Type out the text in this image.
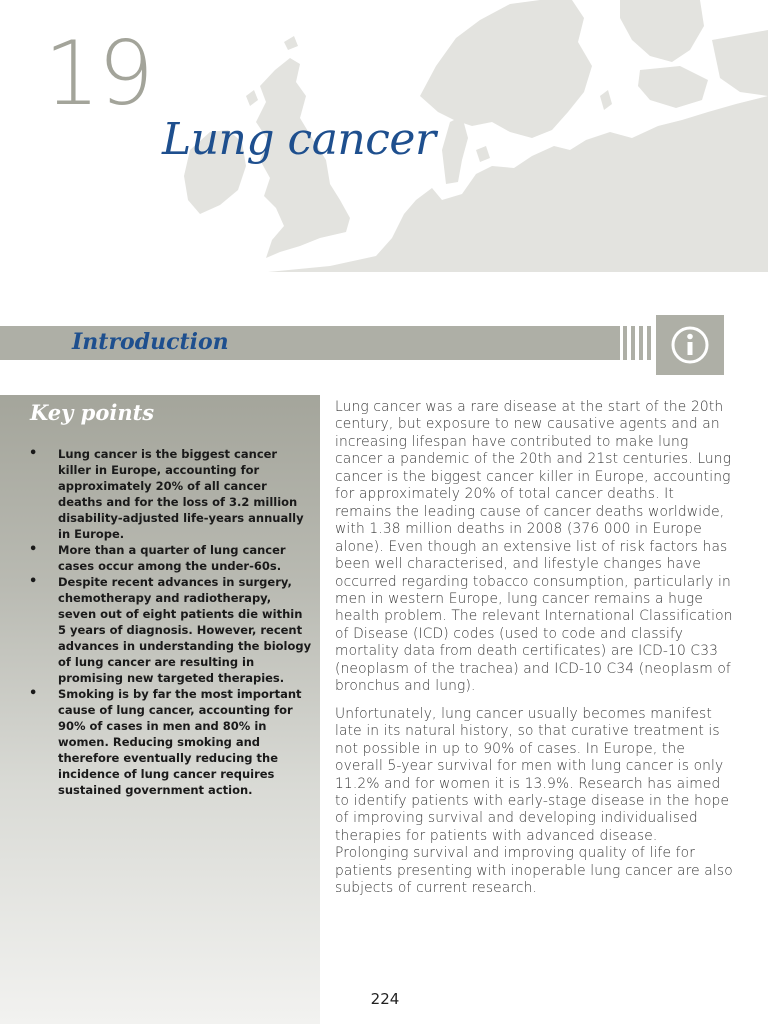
19
Lung cancer
Introduction
Key points
• Lung cancer is the biggest cancer killer in Europe, accounting for approximately 20% of all cancer deaths and for the loss of 3.2 million disability-adjusted life-years annually in Europe.
• More than a quarter of lung cancer cases occur among the under-60s.
• Despite recent advances in surgery, chemotherapy and radiotherapy, seven out of eight patients die within 5 years of diagnosis. However, recent advances in understanding the biology of lung cancer are resulting in promising new targeted therapies.
• Smoking is by far the most important cause of lung cancer, accounting for 90% of cases in men and 80% in women. Reducing smoking and therefore eventually reducing the incidence of lung cancer requires sustained government action.

Lung cancer was a rare disease at the start of the 20th century, but exposure to new causative agents and an increasing lifespan have contributed to make lung cancer a pandemic of the 20th and 21st centuries. Lung cancer is the biggest cancer killer in Europe, accounting for approximately 20% of total cancer deaths. It remains the leading cause of cancer deaths worldwide, with 1.38 million deaths in 2008 (376 000 in Europe alone). Even though an extensive list of risk factors has been well characterised, and lifestyle changes have occurred regarding tobacco consumption, particularly in men in western Europe, lung cancer remains a huge health problem. The relevant International Classification of Disease (ICD) codes (used to code and classify mortality data from death certificates) are ICD-10 C33 (neoplasm of the trachea) and ICD-10 C34 (neoplasm of bronchus and lung).

Unfortunately, lung cancer usually becomes manifest late in its natural history, so that curative treatment is not possible in up to 90% of cases. In Europe, the overall 5-year survival for men with lung cancer is only 11.2% and for women it is 13.9%. Research has aimed to identify patients with early-stage disease in the hope of improving survival and developing individualised therapies for patients with advanced disease. Prolonging survival and improving quality of life for patients presenting with inoperable lung cancer are also subjects of current research.

224
